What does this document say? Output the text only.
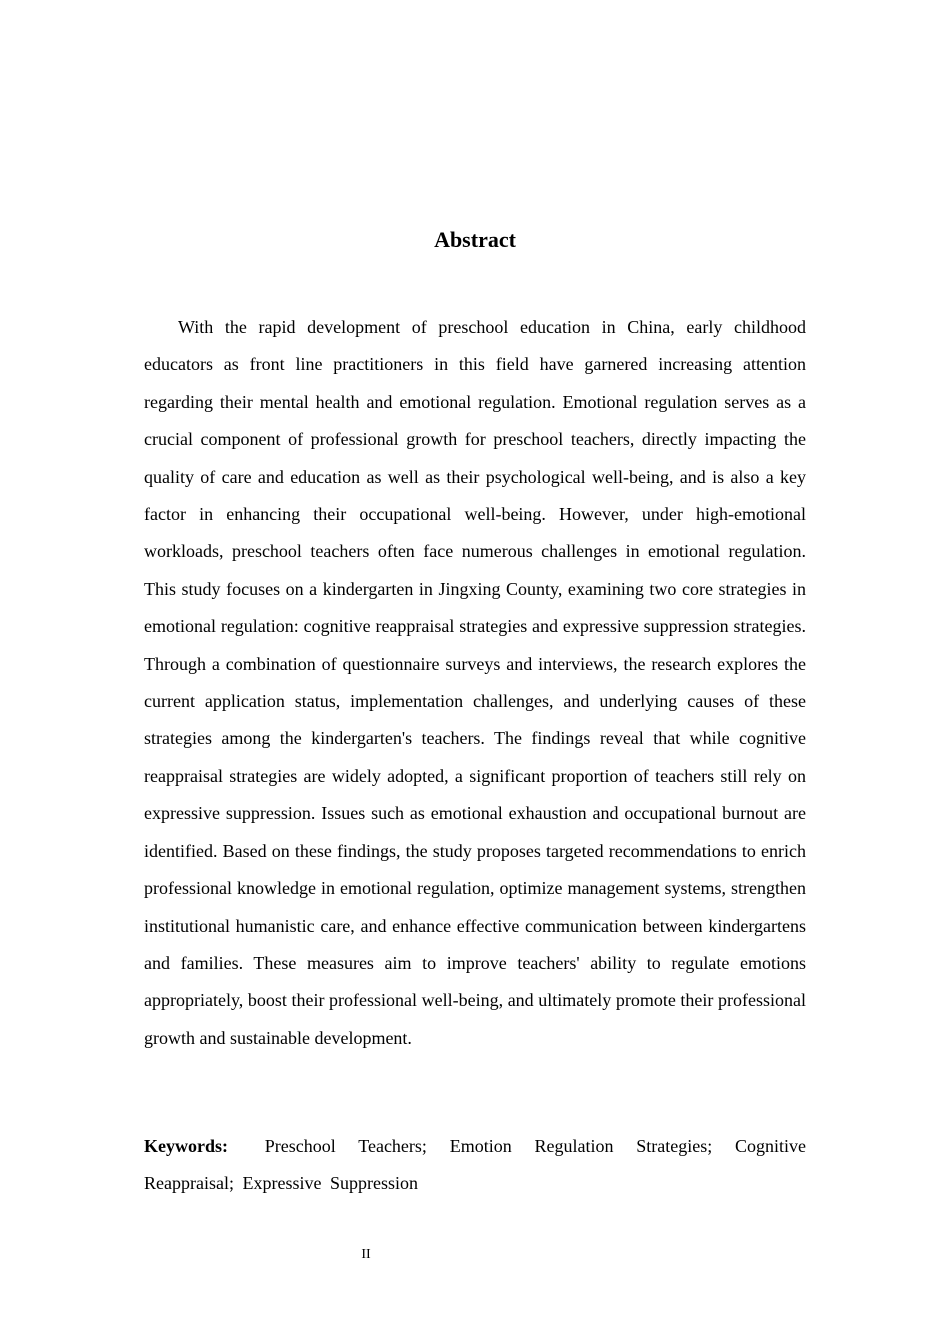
Abstract

With the rapid development of preschool education in China, early childhood educators as front line practitioners in this field have garnered increasing attention regarding their mental health and emotional regulation. Emotional regulation serves as a crucial component of professional growth for preschool teachers, directly impacting the quality of care and education as well as their psychological well-being, and is also a key factor in enhancing their occupational well-being. However, under high-emotional workloads, preschool teachers often face numerous challenges in emotional regulation. This study focuses on a kindergarten in Jingxing County, examining two core strategies in emotional regulation: cognitive reappraisal strategies and expressive suppression strategies. Through a combination of questionnaire surveys and interviews, the research explores the current application status, implementation challenges, and underlying causes of these strategies among the kindergarten's teachers. The findings reveal that while cognitive reappraisal strategies are widely adopted, a significant proportion of teachers still rely on expressive suppression. Issues such as emotional exhaustion and occupational burnout are identified. Based on these findings, the study proposes targeted recommendations to enrich professional knowledge in emotional regulation, optimize management systems, strengthen institutional humanistic care, and enhance effective communication between kindergartens and families. These measures aim to improve teachers' ability to regulate emotions appropriately, boost their professional well-being, and ultimately promote their professional growth and sustainable development.

Keywords: Preschool Teachers; Emotion Regulation Strategies; Cognitive Reappraisal; Expressive Suppression

II
